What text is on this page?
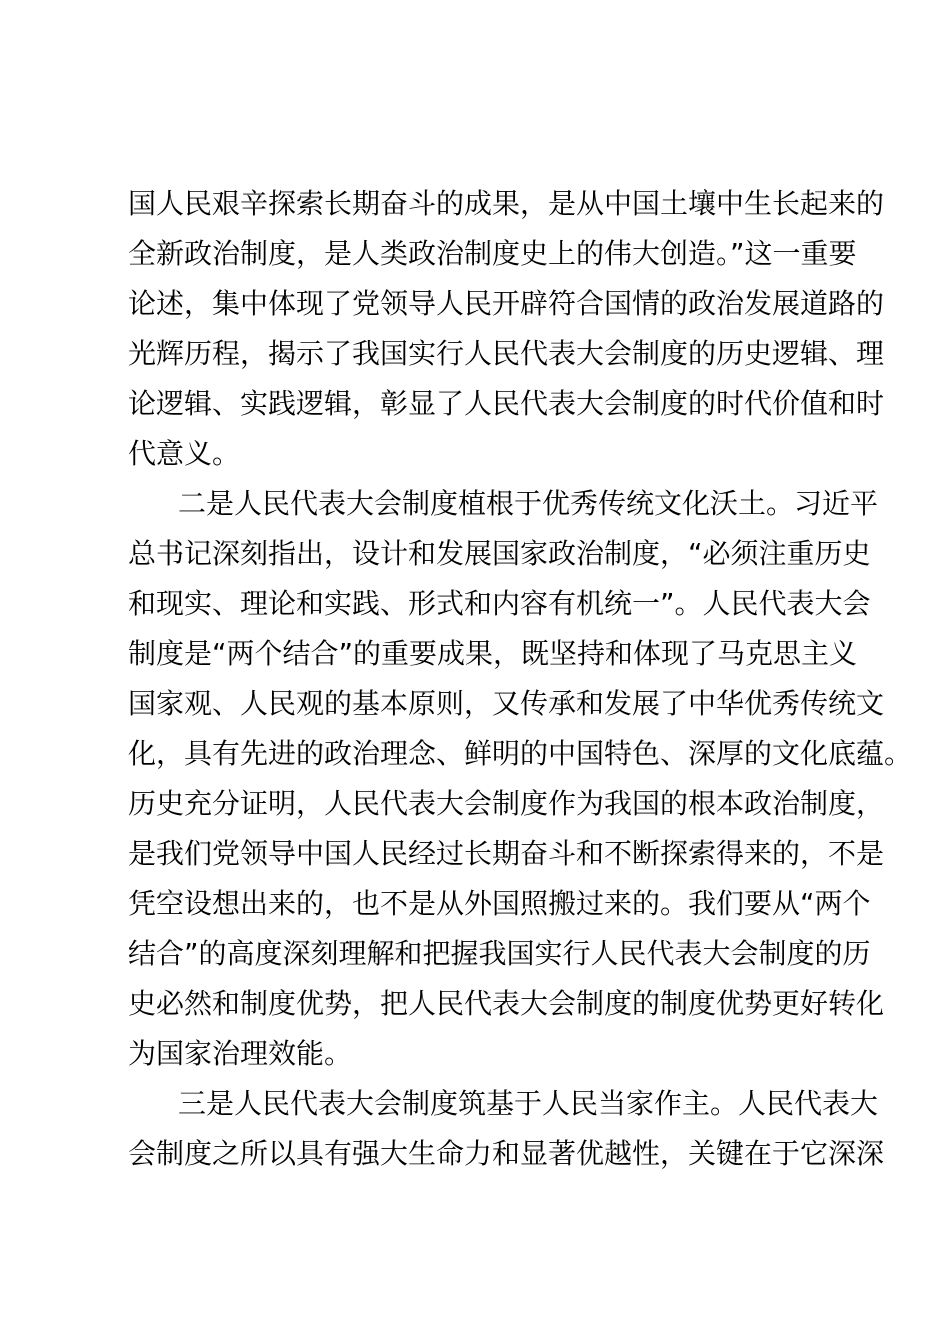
国人民艰辛探索长期奋斗的成果，是从中国土壤中生长起来的
全新政治制度，是人类政治制度史上的伟大创造。”这一重要
论述，集中体现了党领导人民开辟符合国情的政治发展道路的
光辉历程，揭示了我国实行人民代表大会制度的历史逻辑、理
论逻辑、实践逻辑，彰显了人民代表大会制度的时代价值和时
代意义。
二是人民代表大会制度植根于优秀传统文化沃土。习近平
总书记深刻指出，设计和发展国家政治制度，“必须注重历史
和现实、理论和实践、形式和内容有机统一”。人民代表大会
制度是“两个结合”的重要成果，既坚持和体现了马克思主义
国家观、人民观的基本原则，又传承和发展了中华优秀传统文
化，具有先进的政治理念、鲜明的中国特色、深厚的文化底蕴。
历史充分证明，人民代表大会制度作为我国的根本政治制度，
是我们党领导中国人民经过长期奋斗和不断探索得来的，不是
凭空设想出来的，也不是从外国照搬过来的。我们要从“两个
结合”的高度深刻理解和把握我国实行人民代表大会制度的历
史必然和制度优势，把人民代表大会制度的制度优势更好转化
为国家治理效能。
三是人民代表大会制度筑基于人民当家作主。人民代表大
会制度之所以具有强大生命力和显著优越性，关键在于它深深
